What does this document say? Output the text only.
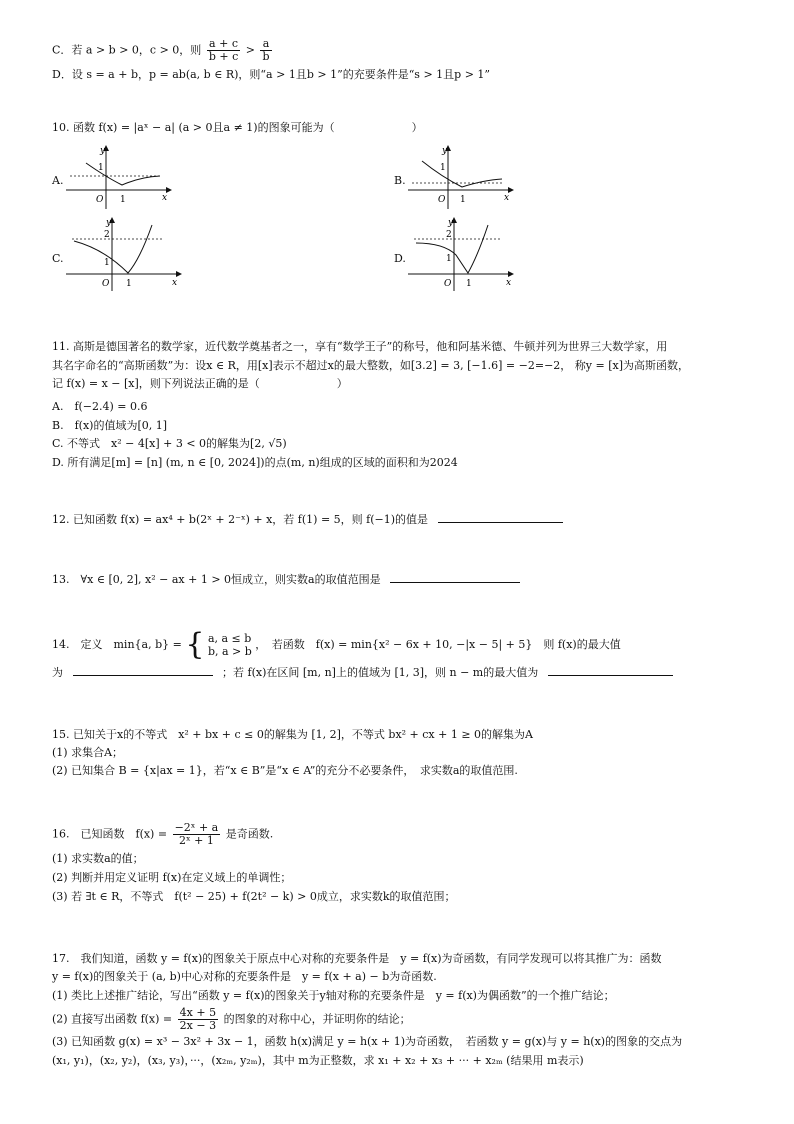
C．若 a > b > 0，c > 0，则 $\frac{a + c}{b + c} > \frac{a}{b}$
D．设 s = a + b，p = ab(a, b ∈ R)，则“a > 1且b > 1”的充要条件是“s > 1且p > 1”
10. 函数 f(x) = |aˣ − a| (a > 0且a ≠ 1)的图象可能为（　　　　　　　）
A.	B.
C.	D.
x
y
O 1
1
x
y
O 1
1
x
y
O 1
1
2
x
y
O 1
1
2
11. 高斯是德国著名的数学家，近代数学奠基者之一，享有“数学王子”的称号，他和阿基米德、牛顿并列为世界三大数学家，用
其名字命名的“高斯函数”为：设x ∈ R，用[x]表示不超过x的最大整数，如[3.2] = 3, [−1.6] = −2=−2， 称y = [x]为高斯函数，
记 f(x) = x − [x]，则下列说法正确的是（　　　　　　　）
A.　f(−2.4) = 0.6
B.　f(x)的值域为[0, 1]
C. 不等式　x² − 4[x] + 3 < 0的解集为[2, √5)
D. 所有满足[m] = [n] (m, n ∈ [0, 2024])的点(m, n)组成的区域的面积和为2024
12. 已知函数 f(x) = ax⁴ + b(2ˣ + 2⁻ˣ) + x，若 f(1) = 5，则 f(−1)的值是
13.　∀x ∈ [0, 2], x² − ax + 1 > 0恒成立，则实数a的取值范围是
14.　定义　min{a, b} = { a, a ≤ b
b, a > b
，　若函数　f(x) = min{x² − 6x + 10, −|x − 5| + 5}　则 f(x)的最大值
为	；若 f(x)在区间 [m, n]上的值域为 [1, 3]，则 n − m的最大值为
15. 已知关于x的不等式　x² + bx + c ≤ 0的解集为 [1, 2]，不等式 bx² + cx + 1 ≥ 0的解集为A
(1) 求集合A；
(2) 已知集合 B = {x|ax = 1}，若“x ∈ B”是“x ∈ A”的充分不必要条件，　求实数a的取值范围.
16.　已知函数　$f(x) = \frac{\text{−2ˣ + a}}{\text{2ˣ + 1}}$ 是奇函数.
(1) 求实数a的值；
(2) 判断并用定义证明 f(x)在定义域上的单调性；
(3) 若 ∃t ∈ R，不等式　f(t² − 25) + f(2t² − k) > 0成立，求实数k的取值范围；
17.　我们知道，函数 y = f(x)的图象关于原点中心对称的充要条件是　y = f(x)为奇函数，有同学发现可以将其推广为：函数
y = f(x)的图象关于 (a, b)中心对称的充要条件是　y = f(x + a) − b为奇函数.
(1) 类比上述推广结论，写出“函数 y = f(x)的图象关于y轴对称的充要条件是　y = f(x)为偶函数”的一个推广结论；
(2) 直接写出函数 $f(x) = \frac{4x + 5}{2x - 3}$ 的图象的对称中心，并证明你的结论；
(3) 已知函数 g(x) = x³ − 3x² + 3x − 1，函数 h(x)满足 y = h(x + 1)为奇函数，　若函数 y = g(x)与 y = h(x)的图象的交点为
(x₁, y₁)，(x₂, y₂)，(x₃, y₃)，···，(x₂ₘ, y₂ₘ)，其中 m为正整数，求 x₁ + x₂ + x₃ + ··· + x₂ₘ (结果用 m表示)
